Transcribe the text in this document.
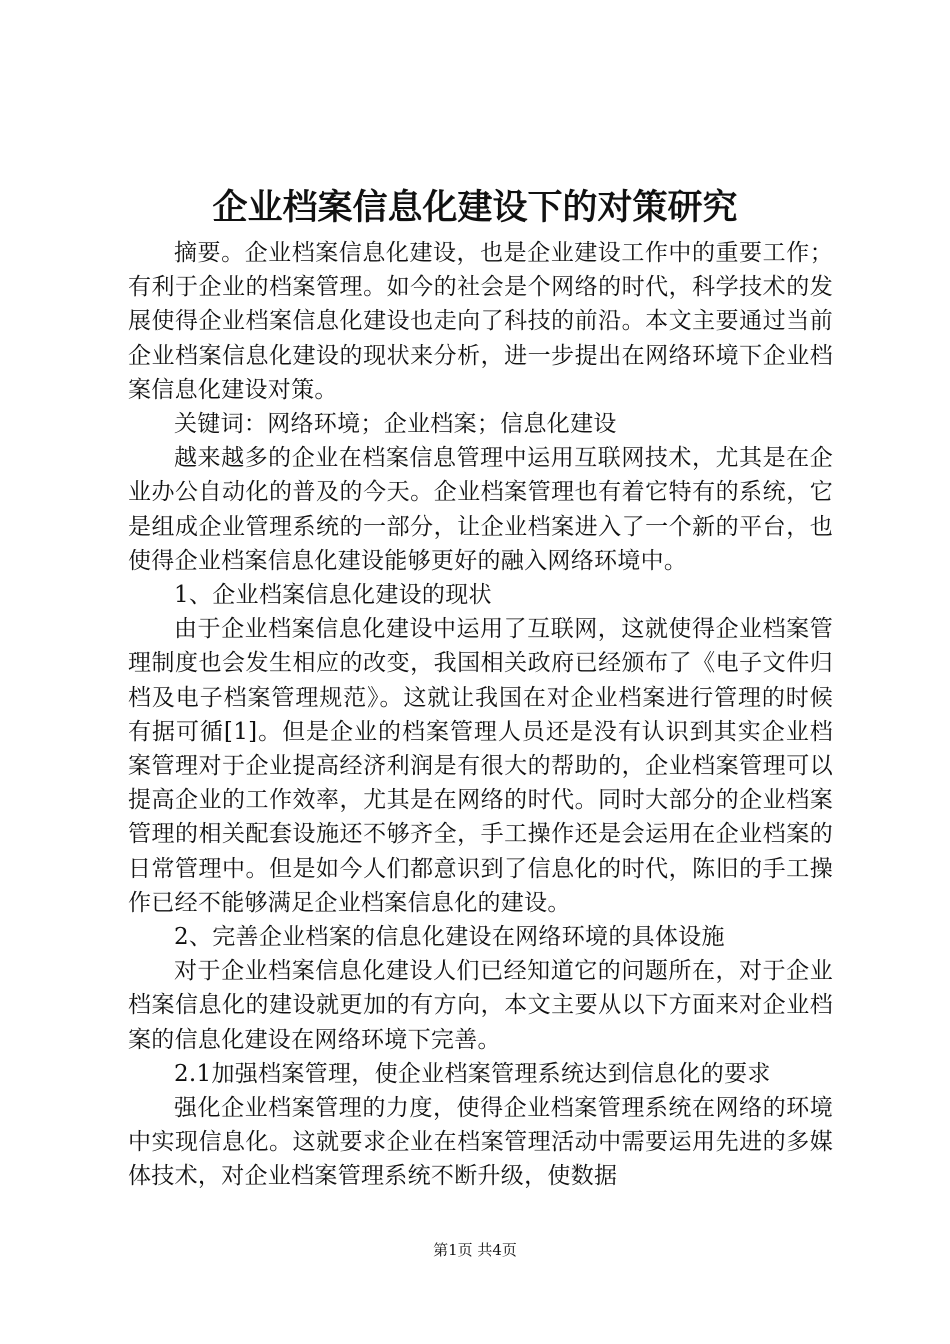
企业档案信息化建设下的对策研究

摘要。企业档案信息化建设，也是企业建设工作中的重要工作；有利于企业的档案管理。如今的社会是个网络的时代，科学技术的发展使得企业档案信息化建设也走向了科技的前沿。本文主要通过当前企业档案信息化建设的现状来分析，进一步提出在网络环境下企业档案信息化建设对策。

关键词：网络环境；企业档案；信息化建设

越来越多的企业在档案信息管理中运用互联网技术，尤其是在企业办公自动化的普及的今天。企业档案管理也有着它特有的系统，它是组成企业管理系统的一部分，让企业档案进入了一个新的平台，也使得企业档案信息化建设能够更好的融入网络环境中。

1、企业档案信息化建设的现状

由于企业档案信息化建设中运用了互联网，这就使得企业档案管理制度也会发生相应的改变，我国相关政府已经颁布了《电子文件归档及电子档案管理规范》。这就让我国在对企业档案进行管理的时候有据可循[1]。但是企业的档案管理人员还是没有认识到其实企业档案管理对于企业提高经济利润是有很大的帮助的，企业档案管理可以提高企业的工作效率，尤其是在网络的时代。同时大部分的企业档案管理的相关配套设施还不够齐全，手工操作还是会运用在企业档案的日常管理中。但是如今人们都意识到了信息化的时代，陈旧的手工操作已经不能够满足企业档案信息化的建设。

2、完善企业档案的信息化建设在网络环境的具体设施

对于企业档案信息化建设人们已经知道它的问题所在，对于企业档案信息化的建设就更加的有方向，本文主要从以下方面来对企业档案的信息化建设在网络环境下完善。

2.1加强档案管理，使企业档案管理系统达到信息化的要求

强化企业档案管理的力度，使得企业档案管理系统在网络的环境中实现信息化。这就要求企业在档案管理活动中需要运用先进的多媒体技术，对企业档案管理系统不断升级，使数据

第1页 共4页
